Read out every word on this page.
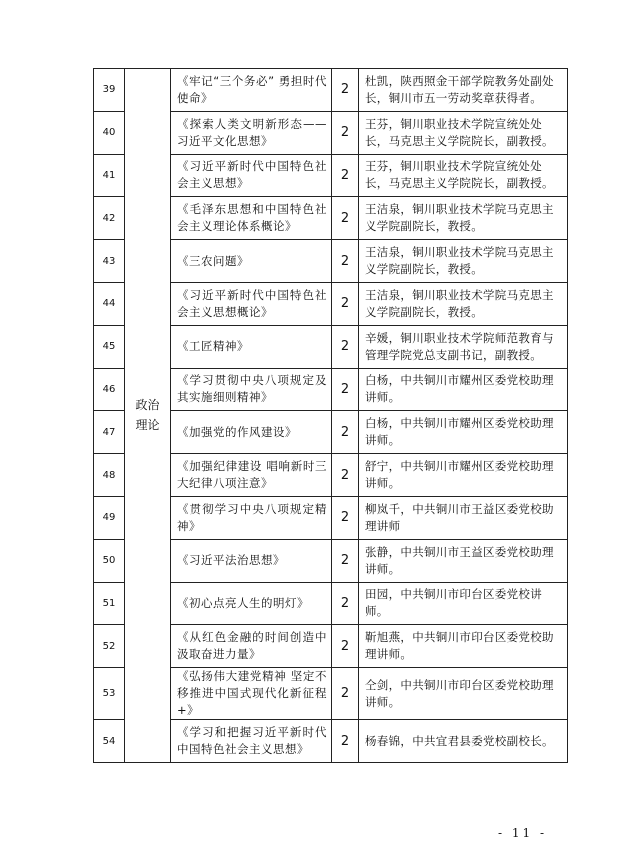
39	政治理论	《牢记“三个务必” 勇担时代使命》	2	杜凯，陕西照金干部学院教务处副处长，铜川市五一劳动奖章获得者。
40		《探索人类文明新形态——习近平文化思想》	2	王芬，铜川职业技术学院宣统处处长，马克思主义学院院长，副教授。
41		《习近平新时代中国特色社会主义思想》	2	王芬，铜川职业技术学院宣统处处长，马克思主义学院院长，副教授。
42		《毛泽东思想和中国特色社会主义理论体系概论》	2	王洁泉，铜川职业技术学院马克思主义学院副院长，教授。
43		《三农问题》	2	王洁泉，铜川职业技术学院马克思主义学院副院长，教授。
44		《习近平新时代中国特色社会主义思想概论》	2	王洁泉，铜川职业技术学院马克思主义学院副院长，教授。
45		《工匠精神》	2	辛媛，铜川职业技术学院师范教育与管理学院党总支副书记，副教授。
46		《学习贯彻中央八项规定及其实施细则精神》	2	白杨，中共铜川市耀州区委党校助理讲师。
47		《加强党的作风建设》	2	白杨，中共铜川市耀州区委党校助理讲师。
48		《加强纪律建设 唱响新时三大纪律八项注意》	2	舒宁，中共铜川市耀州区委党校助理讲师。
49		《贯彻学习中央八项规定精神》	2	柳岚千，中共铜川市王益区委党校助理讲师
50		《习近平法治思想》	2	张静，中共铜川市王益区委党校助理讲师。
51		《初心点亮人生的明灯》	2	田园，中共铜川市印台区委党校讲师。
52		《从红色金融的时间创造中汲取奋进力量》	2	靳旭燕，中共铜川市印台区委党校助理讲师。
53		《弘扬伟大建党精神 坚定不移推进中国式现代化新征程+》	2	仝剑，中共铜川市印台区委党校助理讲师。
54		《学习和把握习近平新时代中国特色社会主义思想》	2	杨春锦，中共宜君县委党校副校长。
- 11 -
